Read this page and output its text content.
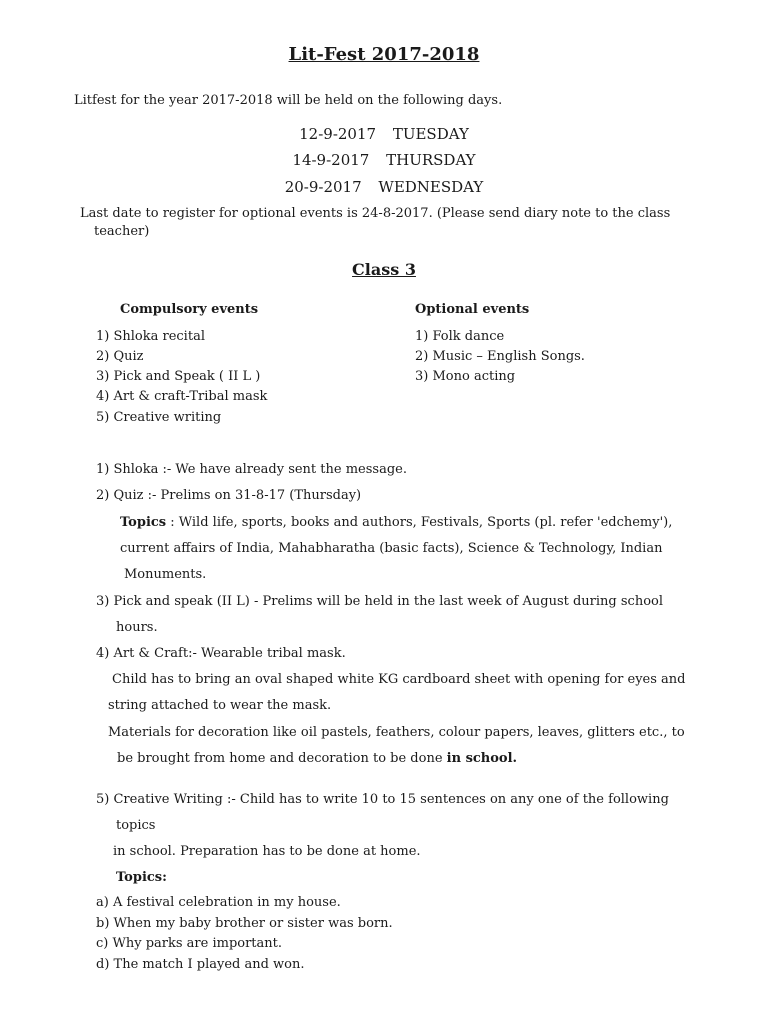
Lit-Fest 2017-2018
Litfest for the year 2017-2018 will be held on the following days.
12-9-2017 TUESDAY
14-9-2017 THURSDAY
20-9-2017 WEDNESDAY
Last date to register for optional events is 24-8-2017. (Please send diary note to the class
teacher)
Class 3
Compulsory events
1) Shloka recital
2) Quiz
3) Pick and Speak ( II L )
4) Art & craft-Tribal mask
5) Creative writing
Optional events
1) Folk dance
2) Music – English Songs.
3) Mono acting
1) Shloka :- We have already sent the message.
2) Quiz :- Prelims on 31-8-17 (Thursday)
Topics : Wild life, sports, books and authors, Festivals, Sports (pl. refer 'edchemy'),
current affairs of India, Mahabharatha (basic facts), Science & Technology, Indian
Monuments.
3) Pick and speak (II L) - Prelims will be held in the last week of August during school
hours.
4) Art & Craft:- Wearable tribal mask.
Child has to bring an oval shaped white KG cardboard sheet with opening for eyes and
string attached to wear the mask.
Materials for decoration like oil pastels, feathers, colour papers, leaves, glitters etc., to
be brought from home and decoration to be done in school.
5) Creative Writing :- Child has to write 10 to 15 sentences on any one of the following
topics
in school. Preparation has to be done at home.
Topics:
a) A festival celebration in my house.
b) When my baby brother or sister was born.
c) Why parks are important.
d) The match I played and won.
